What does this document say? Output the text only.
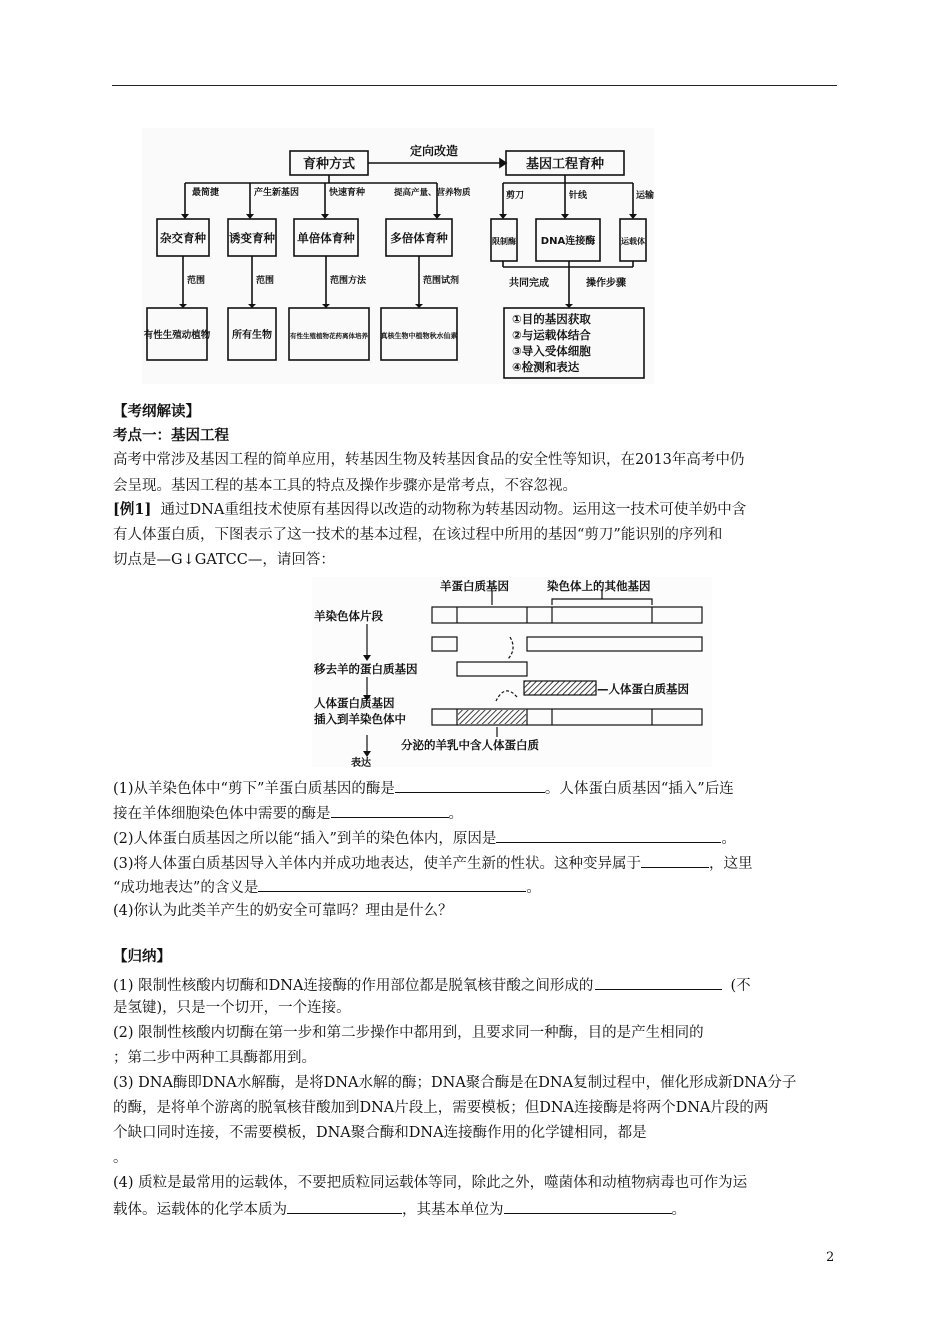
育种方式
定向改造
基因工程育种
最简捷	产生新基因	快速育种	提高产量、营养物质
杂交育种 诱变育种 单倍体育种	多倍体育种
范围	范围	范围方法	范围试剂
有性生殖动植物 所有生物	有性生殖植物花药离体培养 真核生物中植物秋水仙素
剪刀	针线	运输
限制酶 DNA连接酶	运载体
共同完成	操作步骤
①目的基因获取
②与运载体结合
③导入受体细胞
④检测和表达
【考纲解读】
考点一：基因工程
高考中常涉及基因工程的简单应用，转基因生物及转基因食品的安全性等知识，在2013年高考中仍
会呈现。基因工程的基本工具的特点及操作步骤亦是常考点，不容忽视。
[例1] 通过DNA重组技术使原有基因得以改造的动物称为转基因动物。运用这一技术可使羊奶中含
有人体蛋白质，下图表示了这一技术的基本过程，在该过程中所用的基因“剪刀”能识别的序列和
切点是—G↓GATCC—，请回答：
羊蛋白质基因	染色体上的其他基因
羊染色体片段
移去羊的蛋白质基因
—人体蛋白质基因
人体蛋白质基因
插入到羊染色体中
分泌的羊乳中含人体蛋白质
表达
(1)从羊染色体中“剪下”羊蛋白质基因的酶是	。人体蛋白质基因“插入”后连
接在羊体细胞染色体中需要的酶是	。
(2)人体蛋白质基因之所以能“插入”到羊的染色体内，原因是	。
(3)将人体蛋白质基因导入羊体内并成功地表达，使羊产生新的性状。这种变异属于	，这里
“成功地表达”的含义是	。
(4)你认为此类羊产生的奶安全可靠吗？理由是什么？
【归纳】
(1) 限制性核酸内切酶和DNA连接酶的作用部位都是脱氧核苷酸之间形成的	(不
是氢键)，只是一个切开，一个连接。
(2) 限制性核酸内切酶在第一步和第二步操作中都用到，且要求同一种酶，目的是产生相同的
；第二步中两种工具酶都用到。
(3) DNA酶即DNA水解酶，是将DNA水解的酶；DNA聚合酶是在DNA复制过程中，催化形成新DNA分子
的酶，是将单个游离的脱氧核苷酸加到DNA片段上，需要模板；但DNA连接酶是将两个DNA片段的两
个缺口同时连接，不需要模板，DNA聚合酶和DNA连接酶作用的化学键相同，都是
。
(4) 质粒是最常用的运载体，不要把质粒同运载体等同，除此之外，噬菌体和动植物病毒也可作为运
载体。运载体的化学本质为	，其基本单位为	。
2
